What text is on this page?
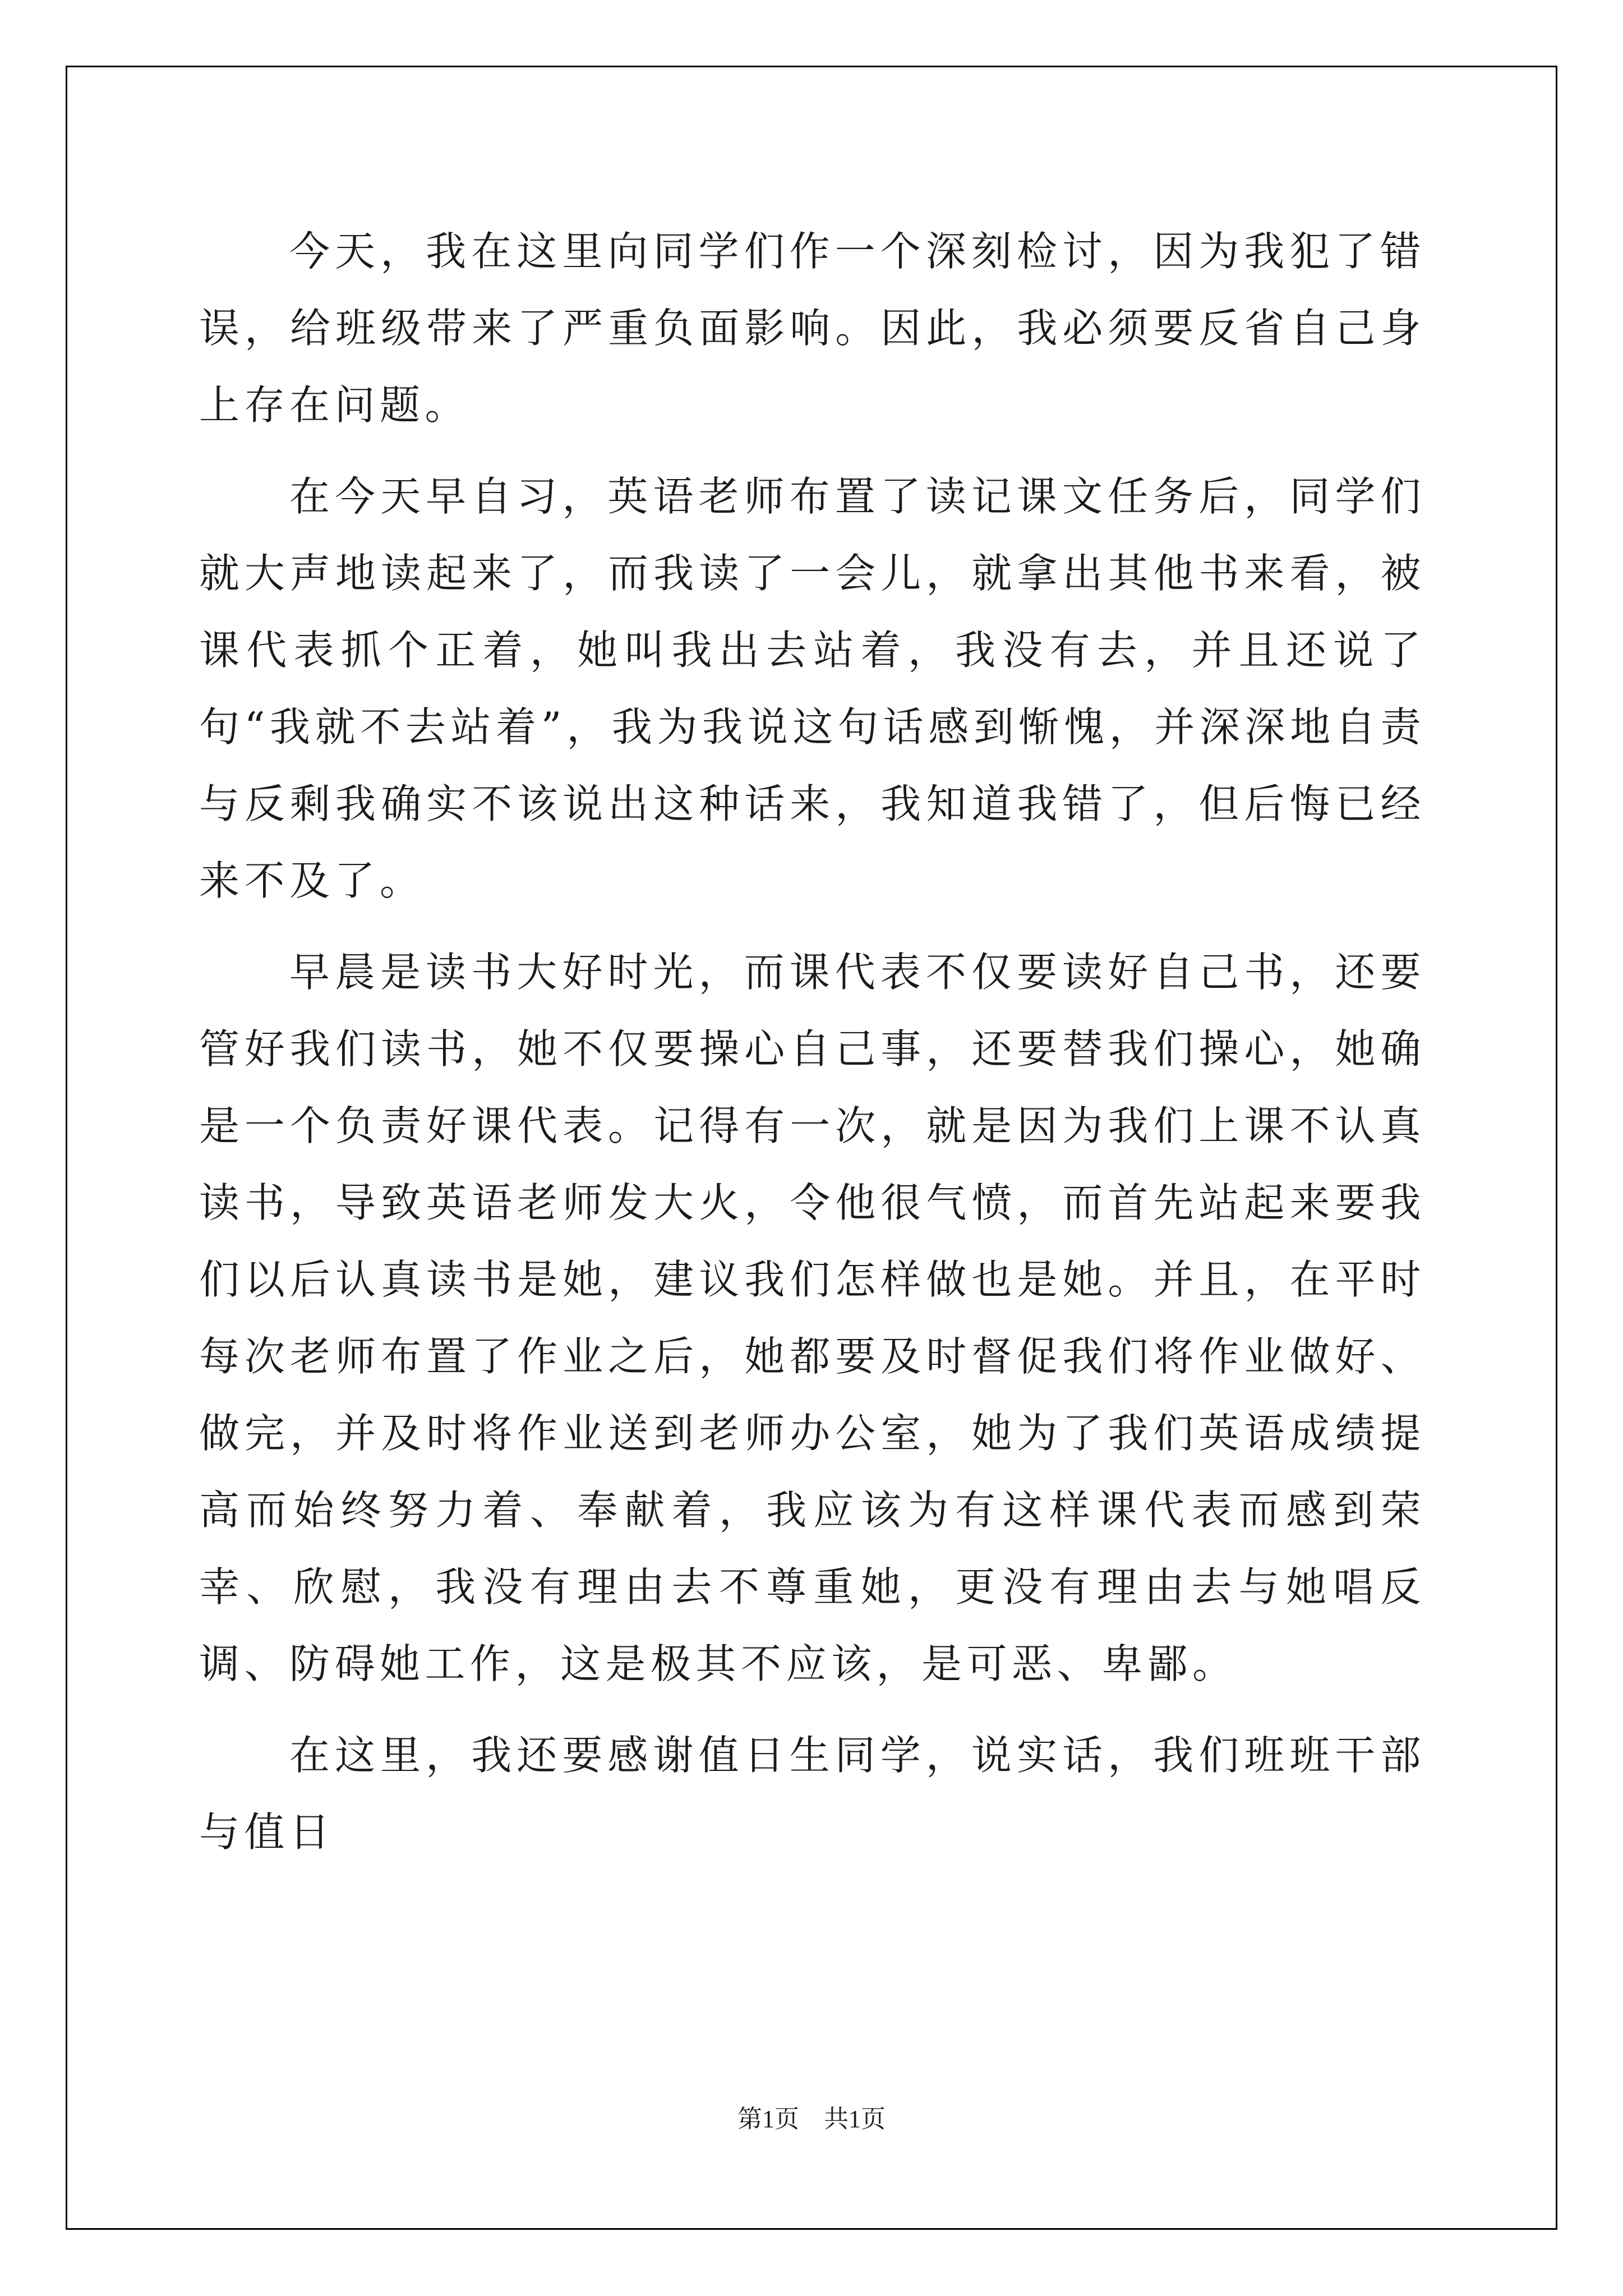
今天，我在这里向同学们作一个深刻检讨，因为我犯了错误，给班级带来了严重负面影响。因此，我必须要反省自己身上存在问题。

在今天早自习，英语老师布置了读记课文任务后，同学们就大声地读起来了，而我读了一会儿，就拿出其他书来看，被课代表抓个正着，她叫我出去站着，我没有去，并且还说了句“我就不去站着”，我为我说这句话感到惭愧，并深深地自责与反剩我确实不该说出这种话来，我知道我错了，但后悔已经来不及了。

早晨是读书大好时光，而课代表不仅要读好自己书，还要管好我们读书，她不仅要操心自己事，还要替我们操心，她确是一个负责好课代表。记得有一次，就是因为我们上课不认真读书，导致英语老师发大火，令他很气愤，而首先站起来要我们以后认真读书是她，建议我们怎样做也是她。并且，在平时每次老师布置了作业之后，她都要及时督促我们将作业做好、做完，并及时将作业送到老师办公室，她为了我们英语成绩提高而始终努力着、奉献着，我应该为有这样课代表而感到荣幸、欣慰，我没有理由去不尊重她，更没有理由去与她唱反调、防碍她工作，这是极其不应该，是可恶、卑鄙。

在这里，我还要感谢值日生同学，说实话，我们班班干部与值日

第1页 共1页
